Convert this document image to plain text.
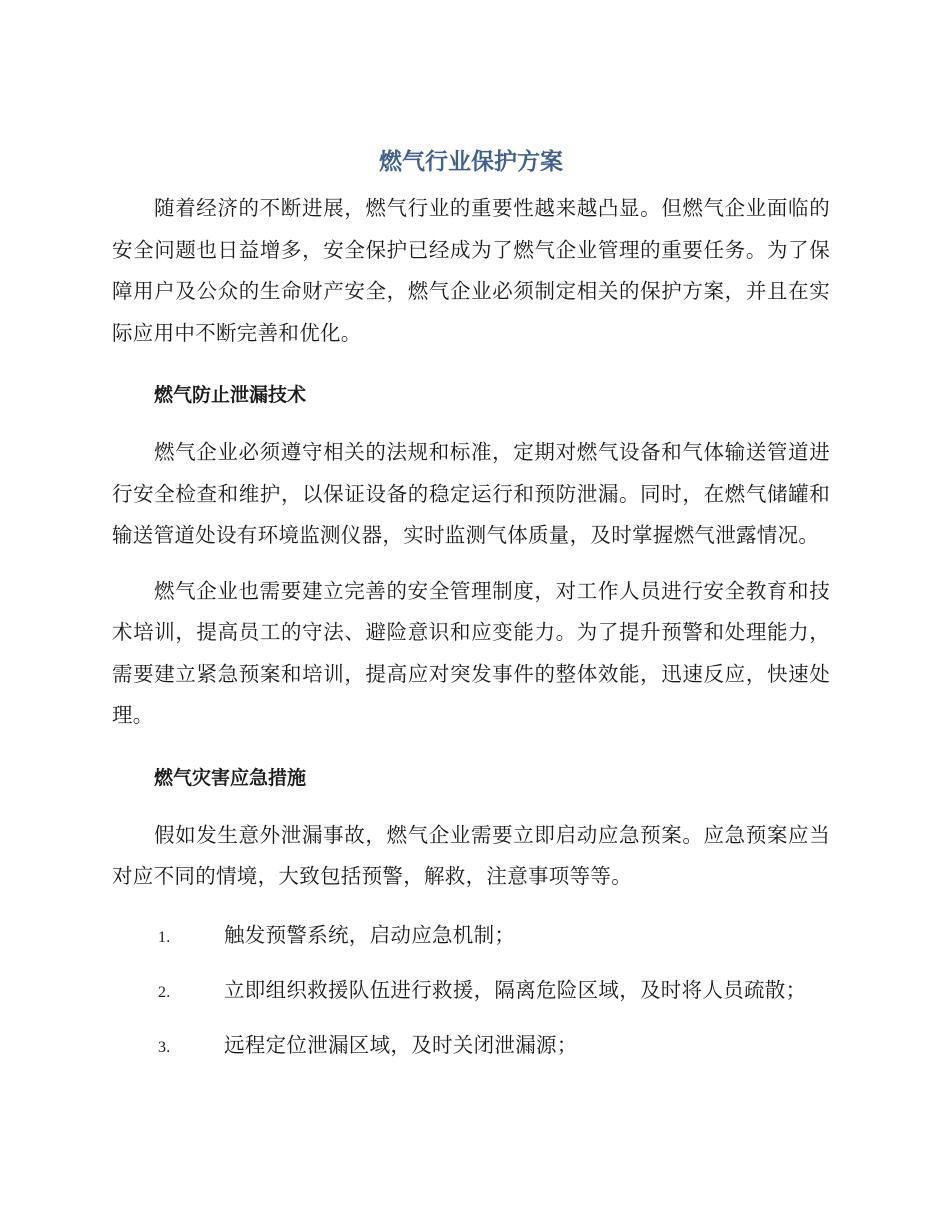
燃气行业保护方案

随着经济的不断进展，燃气行业的重要性越来越凸显。但燃气企业面临的安全问题也日益增多，安全保护已经成为了燃气企业管理的重要任务。为了保障用户及公众的生命财产安全，燃气企业必须制定相关的保护方案，并且在实际应用中不断完善和优化。

燃气防止泄漏技术

燃气企业必须遵守相关的法规和标准，定期对燃气设备和气体输送管道进行安全检查和维护，以保证设备的稳定运行和预防泄漏。同时，在燃气储罐和输送管道处设有环境监测仪器，实时监测气体质量，及时掌握燃气泄露情况。

燃气企业也需要建立完善的安全管理制度，对工作人员进行安全教育和技术培训，提高员工的守法、避险意识和应变能力。为了提升预警和处理能力，需要建立紧急预案和培训，提高应对突发事件的整体效能，迅速反应，快速处理。

燃气灾害应急措施

假如发生意外泄漏事故，燃气企业需要立即启动应急预案。应急预案应当对应不同的情境，大致包括预警，解救，注意事项等等。

1.	触发预警系统，启动应急机制；
2.	立即组织救援队伍进行救援，隔离危险区域，及时将人员疏散；
3.	远程定位泄漏区域，及时关闭泄漏源；
